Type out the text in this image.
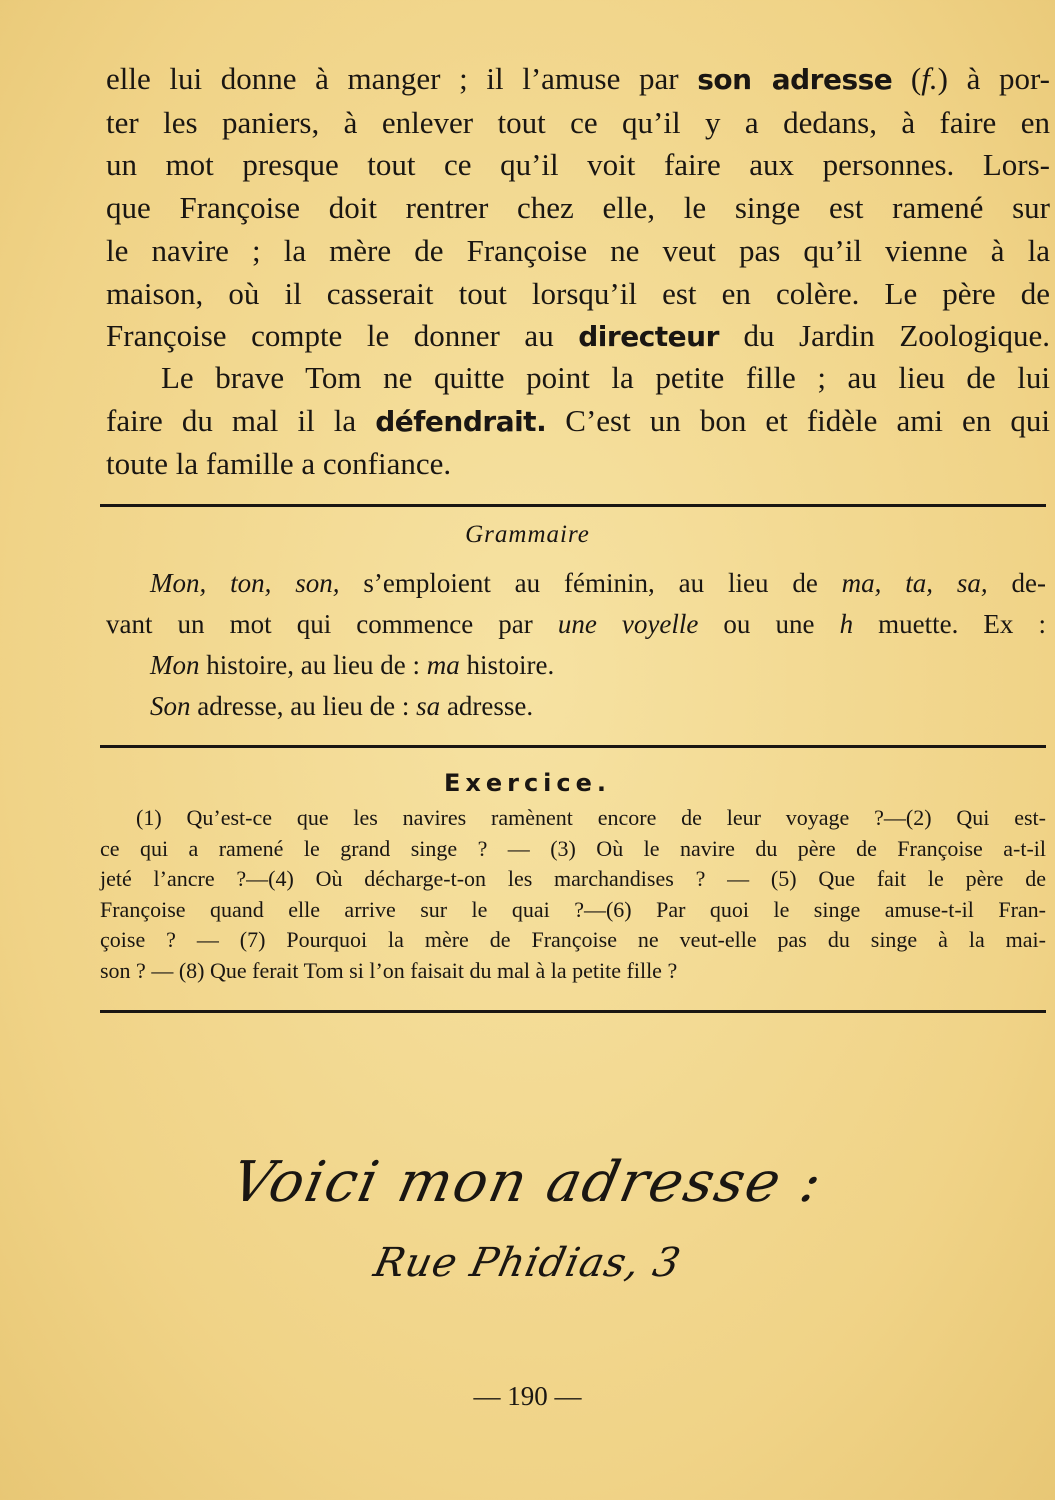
elle lui donne à manger ; il l’amuse par son adresse (f.) à por-
ter les paniers, à enlever tout ce qu’il y a dedans, à faire en
un mot presque tout ce qu’il voit faire aux personnes. Lors-
que Françoise doit rentrer chez elle, le singe est ramené sur
le navire ; la mère de Françoise ne veut pas qu’il vienne à la
maison, où il casserait tout lorsqu’il est en colère. Le père de
Françoise compte le donner au directeur du Jardin Zoologique.

Le brave Tom ne quitte point la petite fille ; au lieu de lui
faire du mal il la défendrait. C’est un bon et fidèle ami en qui
toute la famille a confiance.

Grammaire

Mon, ton, son, s’emploient au féminin, au lieu de ma, ta, sa, de-
vant un mot qui commence par une voyelle ou une h muette. Ex :
Mon histoire, au lieu de : ma histoire.
Son adresse, au lieu de : sa adresse.

Exercice.

(1) Qu’est-ce que les navires ramènent encore de leur voyage ?—(2) Qui est-
ce qui a ramené le grand singe ? — (3) Où le navire du père de Françoise a-t-il
jeté l’ancre ?—(4) Où décharge-t-on les marchandises ? — (5) Que fait le père de
Françoise quand elle arrive sur le quai ?—(6) Par quoi le singe amuse-t-il Fran-
çoise ? — (7) Pourquoi la mère de Françoise ne veut-elle pas du singe à la mai-
son ? — (8) Que ferait Tom si l’on faisait du mal à la petite fille ?

Voici mon adresse :
Rue Phidias, 3
— 190 —
